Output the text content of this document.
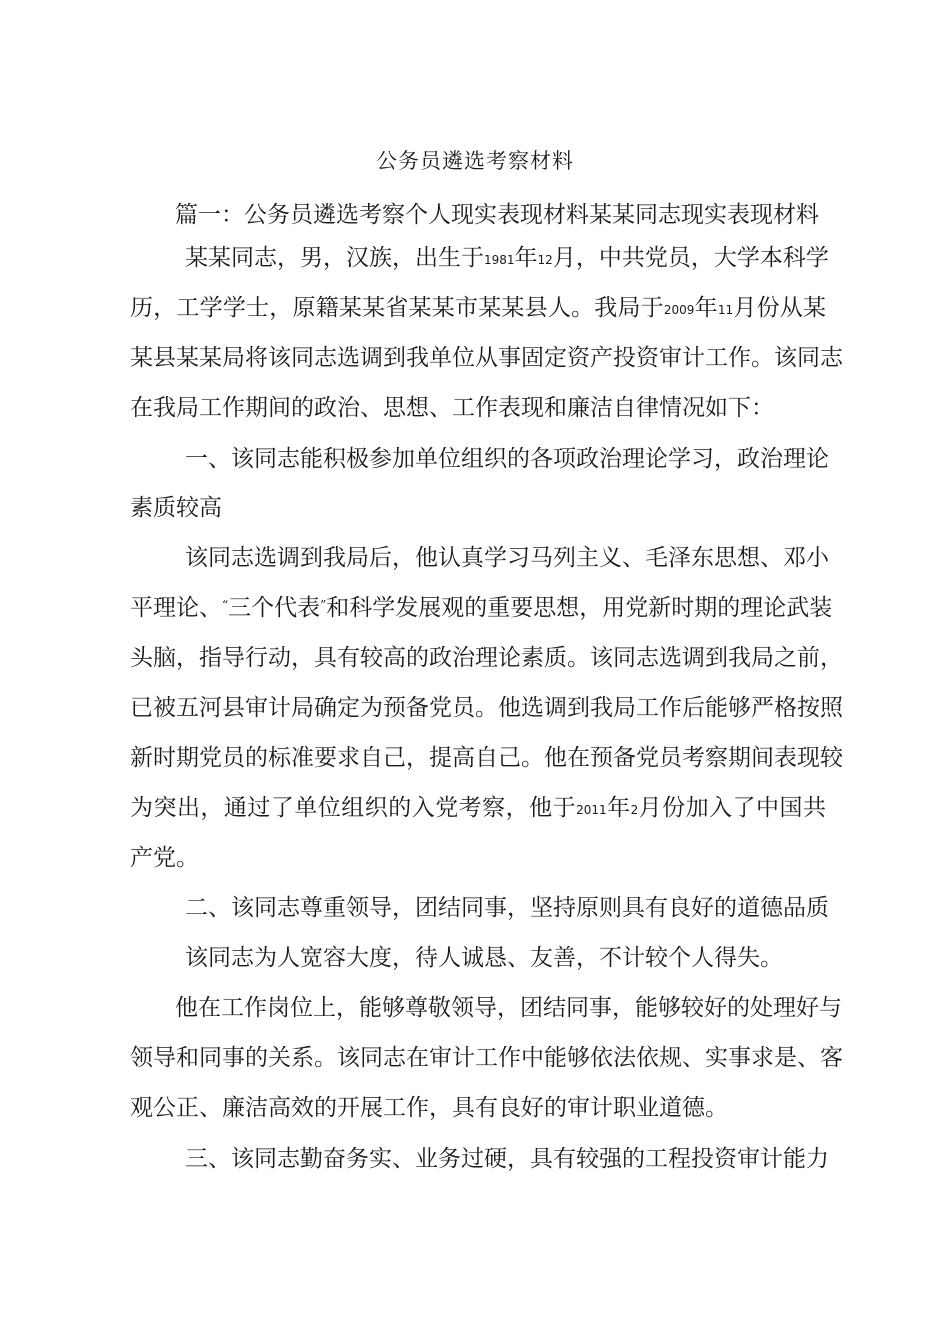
公务员遴选考察材料
篇一：公务员遴选考察个人现实表现材料某某同志现实表现材料
某某同志，男，汉族，出生于1981年12月，中共党员，大学本科学
历，工学学士，原籍某某省某某市某某县人。我局于2009年11月份从某
某县某某局将该同志选调到我单位从事固定资产投资审计工作。该同志
在我局工作期间的政治、思想、工作表现和廉洁自律情况如下：
一、该同志能积极参加单位组织的各项政治理论学习，政治理论
素质较高
该同志选调到我局后，他认真学习马列主义、毛泽东思想、邓小
平理论、“三个代表”和科学发展观的重要思想，用党新时期的理论武装
头脑，指导行动，具有较高的政治理论素质。该同志选调到我局之前，
已被五河县审计局确定为预备党员。他选调到我局工作后能够严格按照
新时期党员的标准要求自己，提高自己。他在预备党员考察期间表现较
为突出，通过了单位组织的入党考察，他于2011年2月份加入了中国共
产党。
二、该同志尊重领导，团结同事，坚持原则具有良好的道德品质
该同志为人宽容大度，待人诚恳、友善，不计较个人得失。
他在工作岗位上，能够尊敬领导，团结同事，能够较好的处理好与
领导和同事的关系。该同志在审计工作中能够依法依规、实事求是、客
观公正、廉洁高效的开展工作，具有良好的审计职业道德。
三、该同志勤奋务实、业务过硬，具有较强的工程投资审计能力
